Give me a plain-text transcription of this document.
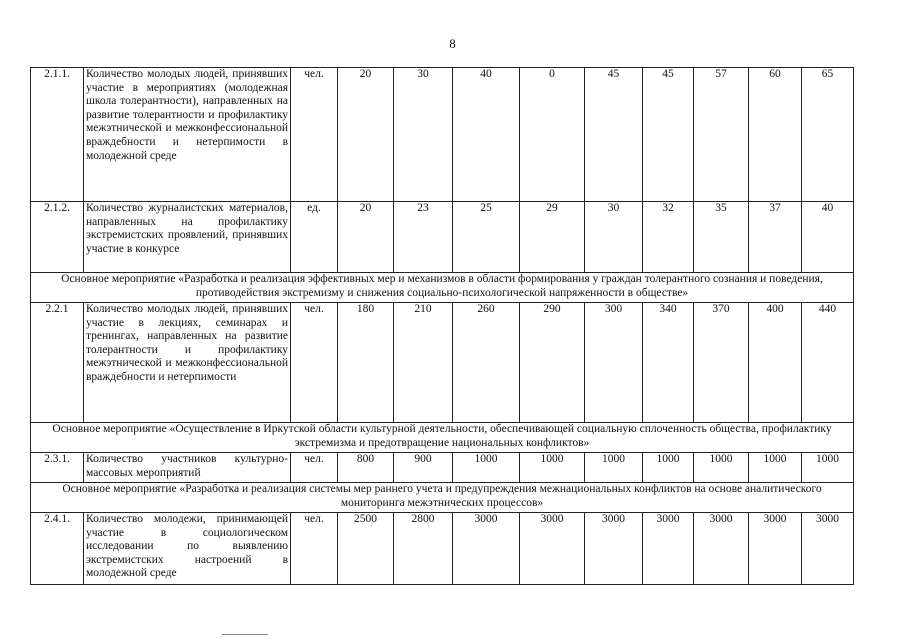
8
2.1.1.	Количество молодых людей, принявших участие в мероприятиях (молодежная школа толерантности), направленных на развитие толерантности и профилактику межэтнической и межконфессиональной враждебности и нетерпимости в молодежной среде	чел.	20	30	40	0	45	45	57	60	65
2.1.2.	Количество журналистских материалов, направленных на профилактику экстремистских проявлений, принявших участие в конкурсе	ед.	20	23	25	29	30	32	35	37	40
Основное мероприятие «Разработка и реализация эффективных мер и механизмов в области формирования у граждан толерантного сознания и поведения, противодействия экстремизму и снижения социально-психологической напряженности в обществе»											
2.2.1	Количество молодых людей, принявших участие в лекциях, семинарах и тренингах, направленных на развитие толерантности и профилактику межэтнической и межконфессиональной враждебности и нетерпимости	чел.	180	210	260	290	300	340	370	400	440
Основное мероприятие «Осуществление в Иркутской области культурной деятельности, обеспечивающей социальную сплоченность общества, профилактику экстремизма и предотвращение национальных конфликтов»											
2.3.1.	Количество участников культурно-массовых мероприятий	чел.	800	900	1000	1000	1000	1000	1000	1000	1000
Основное мероприятие «Разработка и реализация системы мер раннего учета и предупреждения межнациональных конфликтов на основе аналитического мониторинга межэтнических процессов»											
2.4.1.	Количество молодежи, принимающей участие в социологическом исследовании по выявлению экстремистских настроений в молодежной среде	чел.	2500	2800	3000	3000	3000	3000	3000	3000	3000
